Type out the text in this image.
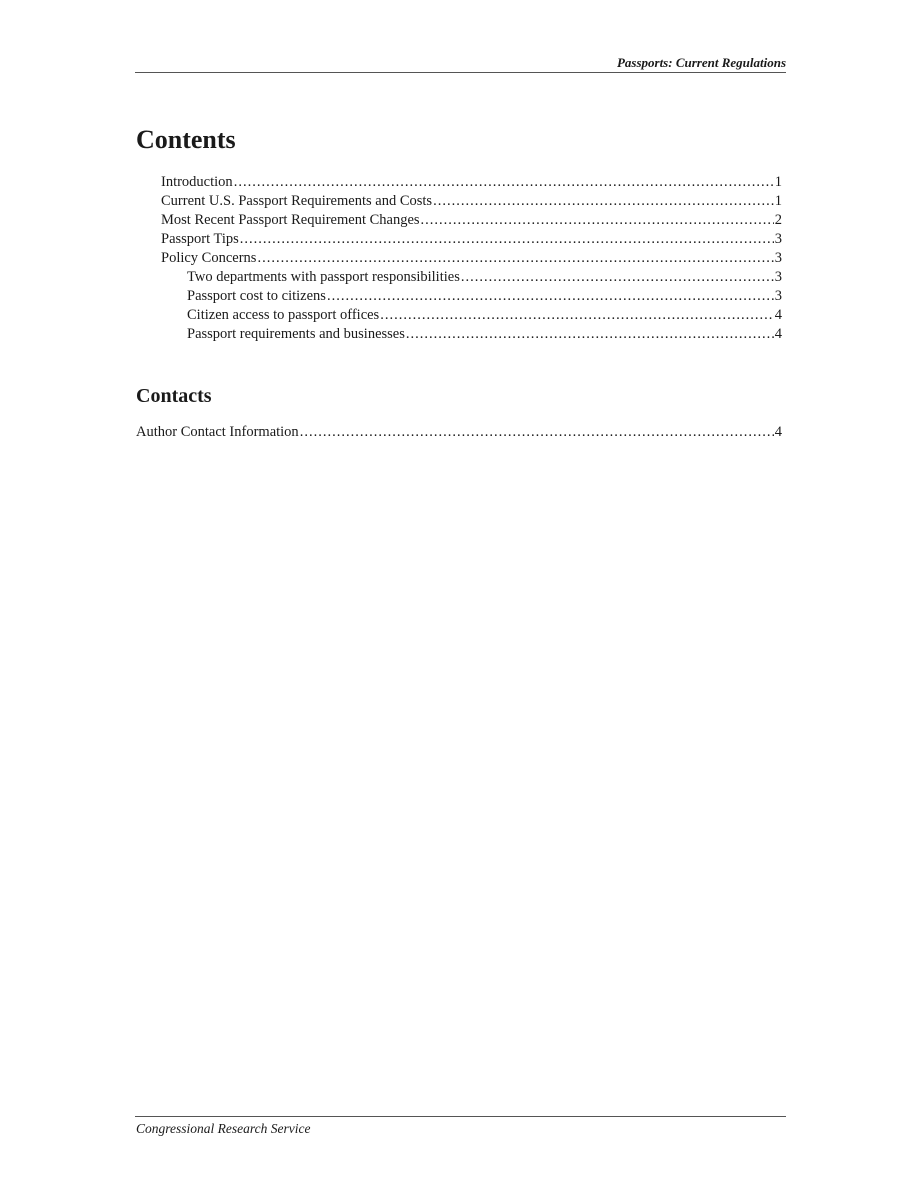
Passports: Current Regulations
Contents
Introduction .....	1
Current U.S. Passport Requirements and Costs .....	1
Most Recent Passport Requirement Changes .....	2
Passport Tips .....	3
Policy Concerns .....	3
Two departments with passport responsibilities .....	3
Passport cost to citizens .....	3
Citizen access to passport offices .....	4
Passport requirements and businesses .....	4
Contacts
Author Contact Information .....	4
Congressional Research Service
